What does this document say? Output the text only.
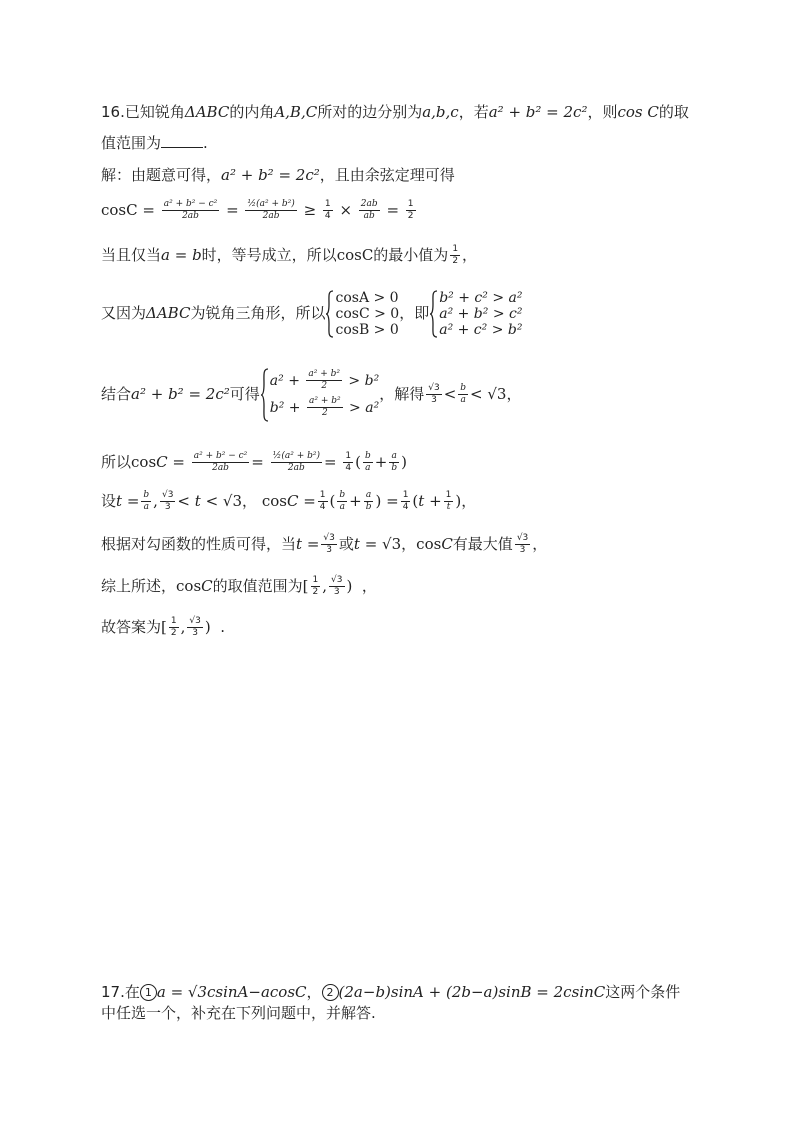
16.已知锐角ΔABC的内角A,B,C所对的边分别为a,b,c，若a² + b² = 2c²，则cos C的取
值范围为	.
解：由题意可得，a² + b² = 2c²，且由余弦定理可得
$\cos C = \frac{\text{a² + b² − c²}}{2ab} = \frac{\text{½(a² + b²)}}{2ab} \ge \frac{1}{4} \times \frac{2ab}{ab} = \frac{1}{2}$
当且仅当a = b时，等号成立，所以cosC的最小值为 $\frac{1}{2}$ ，
又因为ΔABC为锐角三角形，所以
cosA > 0
cosC > 0
cosB > 0
，即
b² + c² > a²
a² + b² > c²
a² + c² > b²
结合a² + b² = 2c²可得
$a^2 + \frac{\text{a² + b²}}{2} > b^2$
$b^2 + \frac{\text{a² + b²}}{2} > a^2$
，解得 $\frac{√3}{3} < \frac{b}{a} < √3$，
所以$\cos C = \frac{\text{a² + b² − c²}}{2ab} = \frac{\text{½(a² + b²)}}{2ab} = \frac{1}{4}$ ( $\frac{b}{a} + \frac{a}{b}$ )
设$t = \frac{b}{a}$ , $\frac{√3}{3} < t < √3$， $\cos C = \frac{1}{4}$ ( $\frac{b}{a} + \frac{a}{b}$ ) = $\frac{1}{4} (t + \frac{1}{t}$ )，
根据对勾函数的性质可得，当$t = \frac{√3}{3}$ 或t = √3，cosC有最大值 $\frac{√3}{3}$ ，
综上所述，cosC的取值范围为[ $\frac{1}{2}$ , $\frac{√3}{3}$ ) ，
故答案为[ $\frac{1}{2}$ , $\frac{√3}{3}$ ) .
17.在 1 a = √3csinA−acosC， 2 (2a−b)sinA + (2b−a)sinB = 2csinC这两个条件
中任选一个，补充在下列问题中，并解答.
